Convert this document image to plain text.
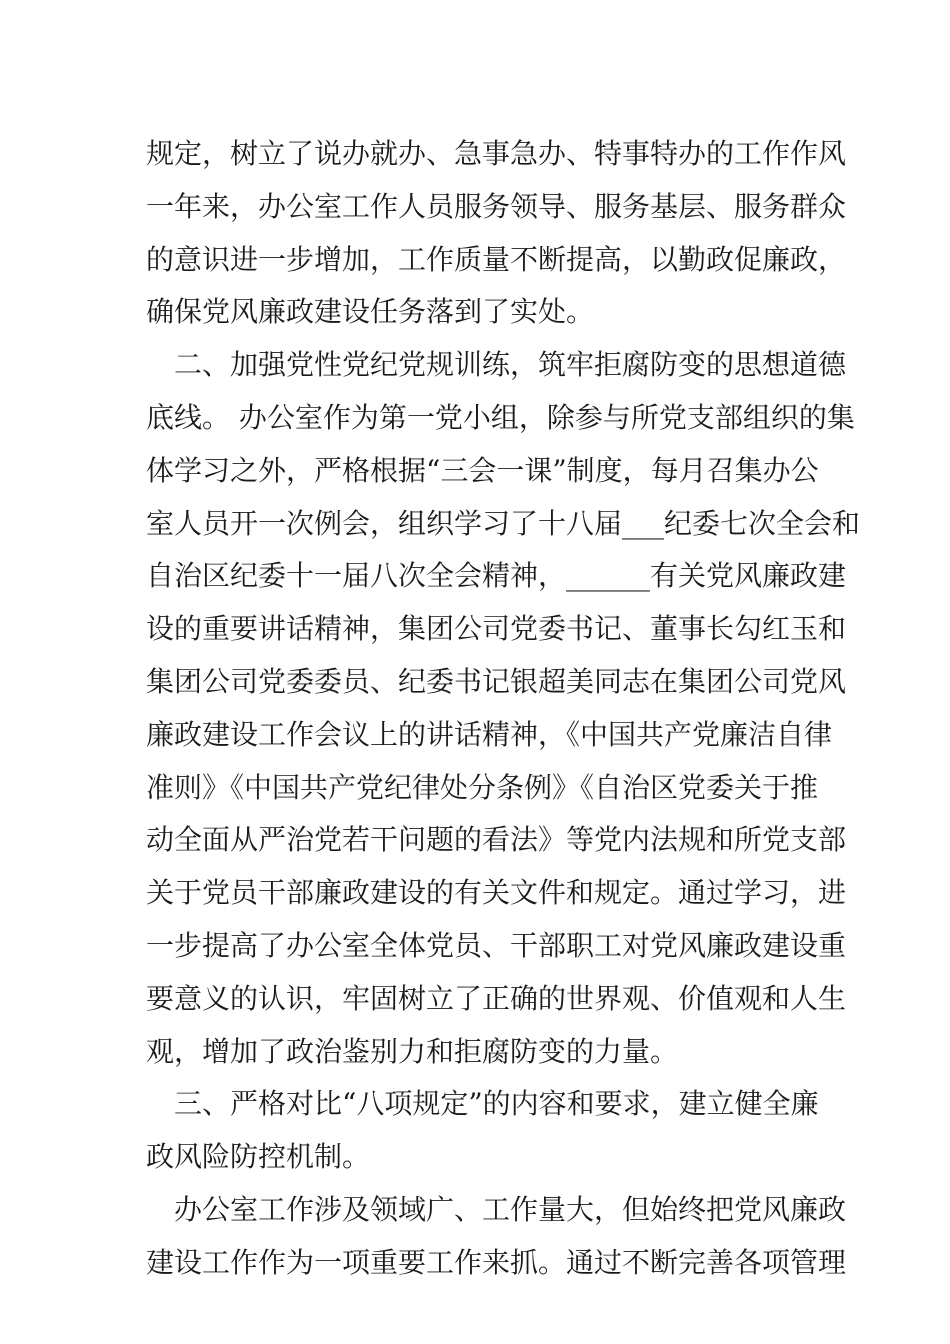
规定，树立了说办就办、急事急办、特事特办的工作作风
一年来，办公室工作人员服务领导、服务基层、服务群众
的意识进一步增加，工作质量不断提高，以勤政促廉政，
确保党风廉政建设任务落到了实处。
　二、加强党性党纪党规训练，筑牢拒腐防变的思想道德
底线。 办公室作为第一党小组，除参与所党支部组织的集
体学习之外，严格根据“三会一课”制度，每月召集办公
室人员开一次例会，组织学习了十八届___纪委七次全会和
自治区纪委十一届八次全会精神，______有关党风廉政建
设的重要讲话精神，集团公司党委书记、董事长勾红玉和
集团公司党委委员、纪委书记银超美同志在集团公司党风
廉政建设工作会议上的讲话精神，《中国共产党廉洁自律
准则》《中国共产党纪律处分条例》《自治区党委关于推
动全面从严治党若干问题的看法》等党内法规和所党支部
关于党员干部廉政建设的有关文件和规定。通过学习，进
一步提高了办公室全体党员、干部职工对党风廉政建设重
要意义的认识，牢固树立了正确的世界观、价值观和人生
观，增加了政治鉴别力和拒腐防变的力量。
　三、严格对比“八项规定”的内容和要求，建立健全廉
政风险防控机制。
　办公室工作涉及领域广、工作量大，但始终把党风廉政
建设工作作为一项重要工作来抓。通过不断完善各项管理
